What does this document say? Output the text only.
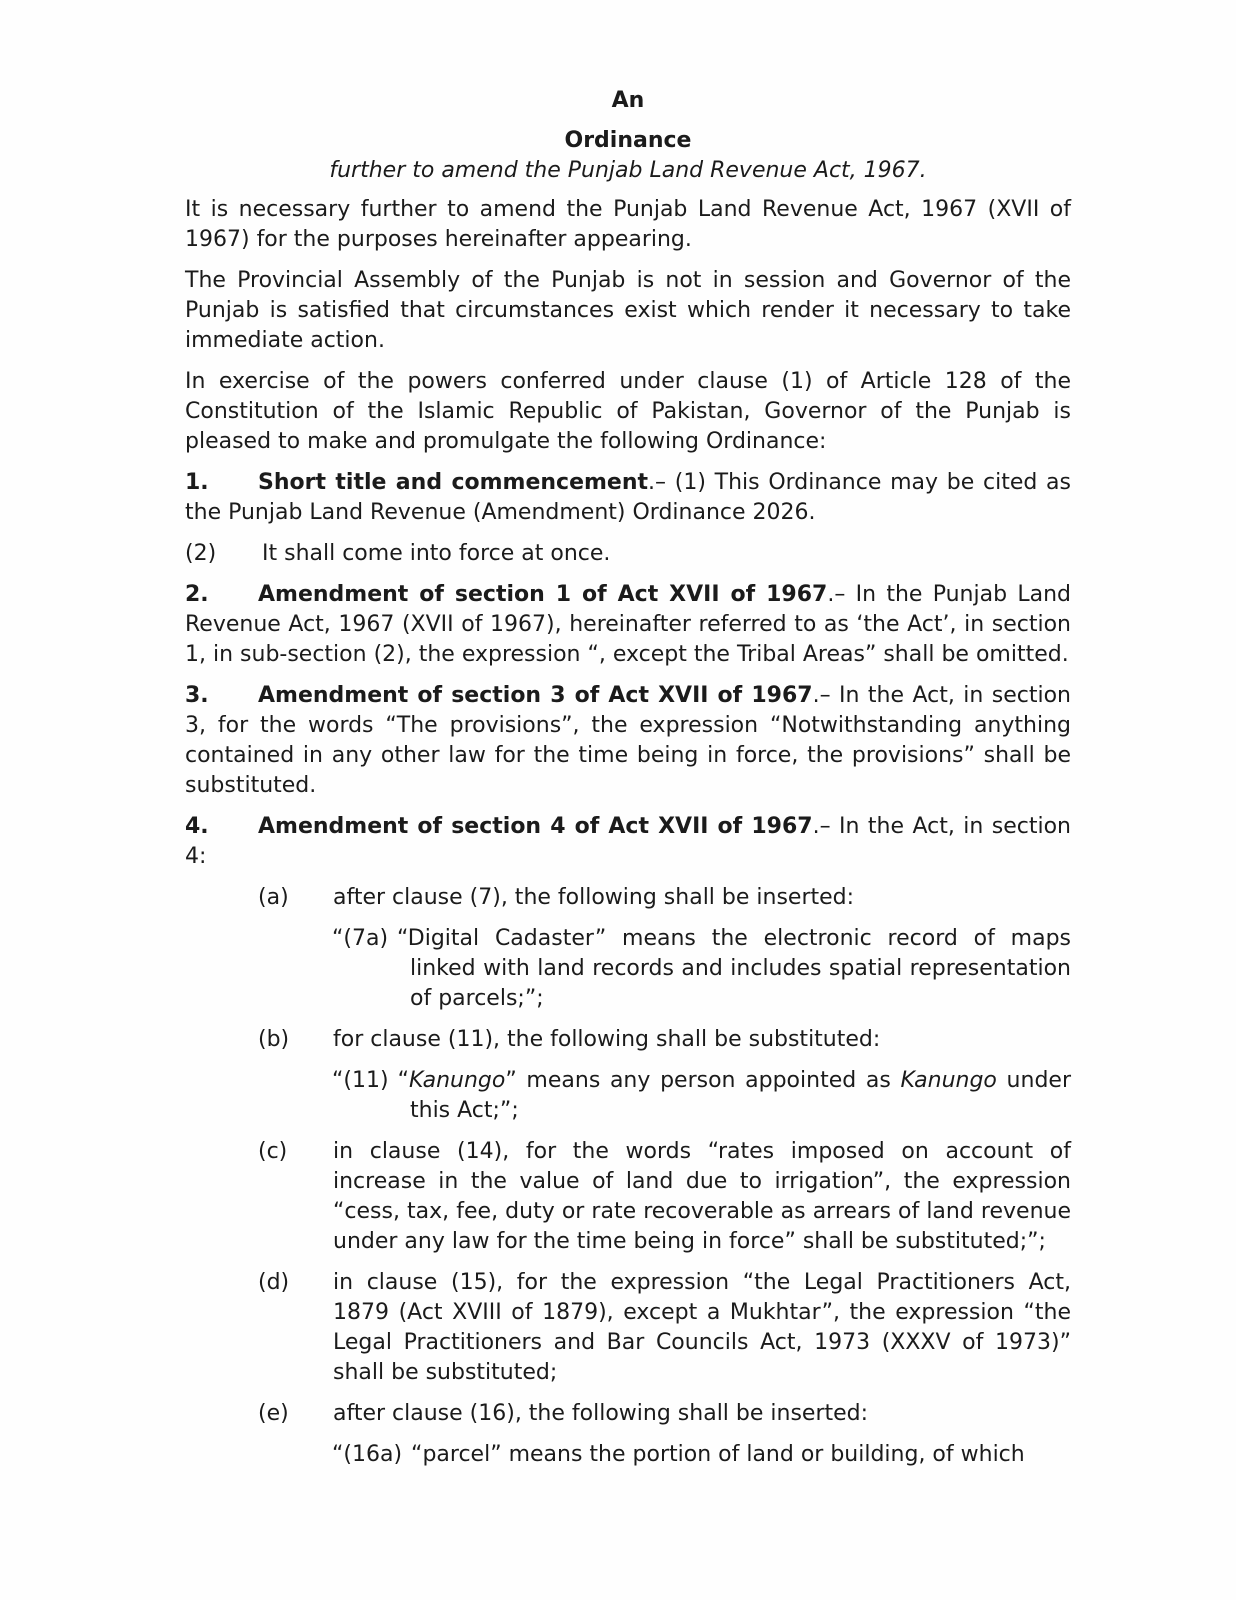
An
Ordinance
further to amend the Punjab Land Revenue Act, 1967.

It is necessary further to amend the Punjab Land Revenue Act, 1967 (XVII of 1967) for the purposes hereinafter appearing.

The Provincial Assembly of the Punjab is not in session and Governor of the Punjab is satisfied that circumstances exist which render it necessary to take immediate action.

In exercise of the powers conferred under clause (1) of Article 128 of the Constitution of the Islamic Republic of Pakistan, Governor of the Punjab is pleased to make and promulgate the following Ordinance:

1. Short title and commencement.– (1) This Ordinance may be cited as the Punjab Land Revenue (Amendment) Ordinance 2026.

(2) It shall come into force at once.

2. Amendment of section 1 of Act XVII of 1967.– In the Punjab Land Revenue Act, 1967 (XVII of 1967), hereinafter referred to as ‘the Act’, in section 1, in sub-section (2), the expression “, except the Tribal Areas” shall be omitted.

3. Amendment of section 3 of Act XVII of 1967.– In the Act, in section 3, for the words “The provisions”, the expression “Notwithstanding anything contained in any other law for the time being in force, the provisions” shall be substituted.

4. Amendment of section 4 of Act XVII of 1967.– In the Act, in section 4:

(a) after clause (7), the following shall be inserted:
“(7a) “Digital Cadaster” means the electronic record of maps linked with land records and includes spatial representation of parcels;”;
(b) for clause (11), the following shall be substituted:
“(11) “Kanungo” means any person appointed as Kanungo under this Act;”;
(c) in clause (14), for the words “rates imposed on account of increase in the value of land due to irrigation”, the expression “cess, tax, fee, duty or rate recoverable as arrears of land revenue under any law for the time being in force” shall be substituted;”;
(d) in clause (15), for the expression “the Legal Practitioners Act, 1879 (Act XVIII of 1879), except a Mukhtar”, the expression “the Legal Practitioners and Bar Councils Act, 1973 (XXXV of 1973)” shall be substituted;
(e) after clause (16), the following shall be inserted:
“(16a) “parcel” means the portion of land or building, of which
